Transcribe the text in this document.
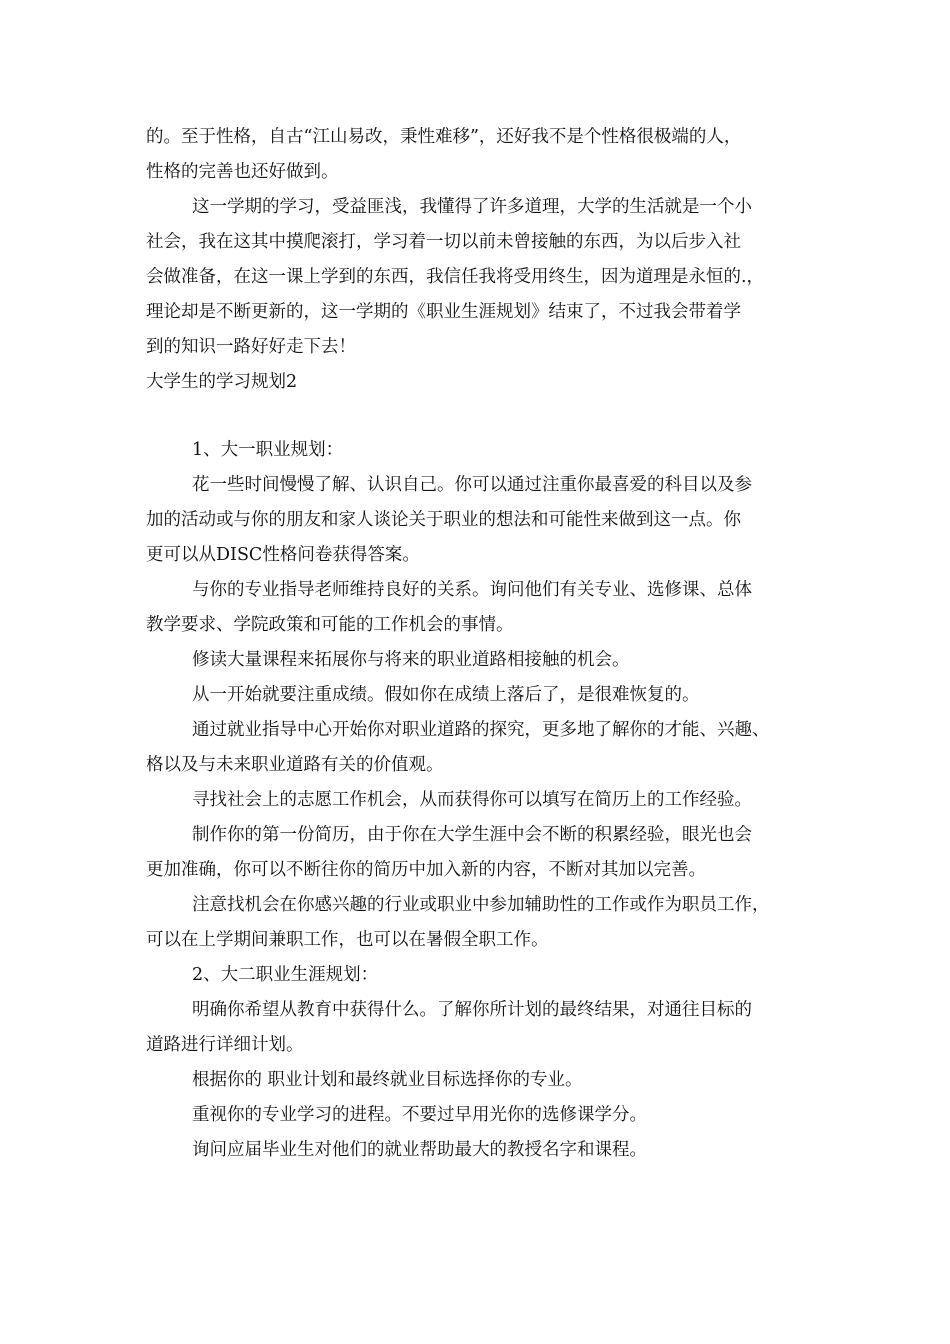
的。至于性格，自古“江山易改，秉性难移”，还好我不是个性格很极端的人，
性格的完善也还好做到。
这一学期的学习，受益匪浅，我懂得了许多道理，大学的生活就是一个小
社会，我在这其中摸爬滚打，学习着一切以前未曾接触的东西，为以后步入社
会做准备，在这一课上学到的东西，我信任我将受用终生，因为道理是永恒的.，
理论却是不断更新的，这一学期的《职业生涯规划》结束了，不过我会带着学
到的知识一路好好走下去！
大学生的学习规划2
1、大一职业规划：
花一些时间慢慢了解、认识自己。你可以通过注重你最喜爱的科目以及参
加的活动或与你的朋友和家人谈论关于职业的想法和可能性来做到这一点。你
更可以从DISC性格问卷获得答案。
与你的专业指导老师维持良好的关系。询问他们有关专业、选修课、总体
教学要求、学院政策和可能的工作机会的事情。
修读大量课程来拓展你与将来的职业道路相接触的机会。
从一开始就要注重成绩。假如你在成绩上落后了，是很难恢复的。
通过就业指导中心开始你对职业道路的探究，更多地了解你的才能、兴趣、
格以及与未来职业道路有关的价值观。
寻找社会上的志愿工作机会，从而获得你可以填写在简历上的工作经验。
制作你的第一份简历，由于你在大学生涯中会不断的积累经验，眼光也会
更加准确，你可以不断往你的简历中加入新的内容，不断对其加以完善。
注意找机会在你感兴趣的行业或职业中参加辅助性的工作或作为职员工作，
可以在上学期间兼职工作，也可以在暑假全职工作。
2、大二职业生涯规划：
明确你希望从教育中获得什么。了解你所计划的最终结果，对通往目标的
道路进行详细计划。
根据你的 职业计划和最终就业目标选择你的专业。
重视你的专业学习的进程。不要过早用光你的选修课学分。
询问应届毕业生对他们的就业帮助最大的教授名字和课程。
